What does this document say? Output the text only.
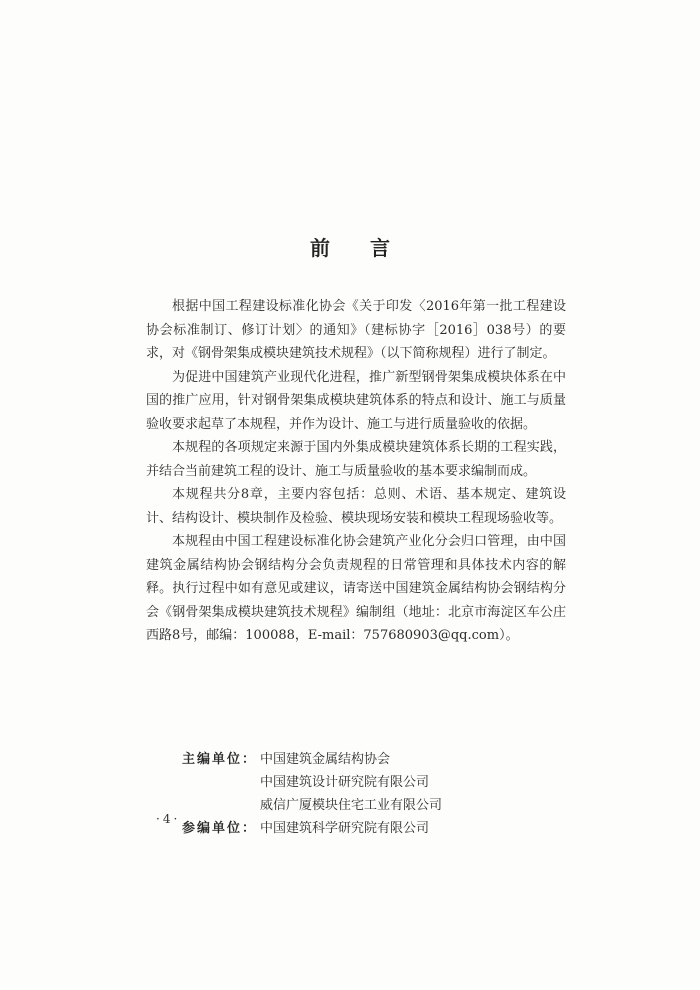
前 言

根据中国工程建设标准化协会《关于印发〈2016年第一批工程建设协会标准制订、修订计划〉的通知》（建标协字［2016］038号）的要求，对《钢骨架集成模块建筑技术规程》（以下简称规程）进行了制定。

为促进中国建筑产业现代化进程，推广新型钢骨架集成模块体系在中国的推广应用，针对钢骨架集成模块建筑体系的特点和设计、施工与质量验收要求起草了本规程，并作为设计、施工与进行质量验收的依据。

本规程的各项规定来源于国内外集成模块建筑体系长期的工程实践，并结合当前建筑工程的设计、施工与质量验收的基本要求编制而成。

本规程共分8章，主要内容包括：总则、术语、基本规定、建筑设计、结构设计、模块制作及检验、模块现场安装和模块工程现场验收等。

本规程由中国工程建设标准化协会建筑产业化分会归口管理，由中国建筑金属结构协会钢结构分会负责规程的日常管理和具体技术内容的解释。执行过程中如有意见或建议，请寄送中国建筑金属结构协会钢结构分会《钢骨架集成模块建筑技术规程》编制组（地址：北京市海淀区车公庄西路8号，邮编：100088，E-mail：757680903@qq.com）。

主编单位： 中国建筑金属结构协会
中国建筑设计研究院有限公司
威信广厦模块住宅工业有限公司
参编单位： 中国建筑科学研究院有限公司
·4·
